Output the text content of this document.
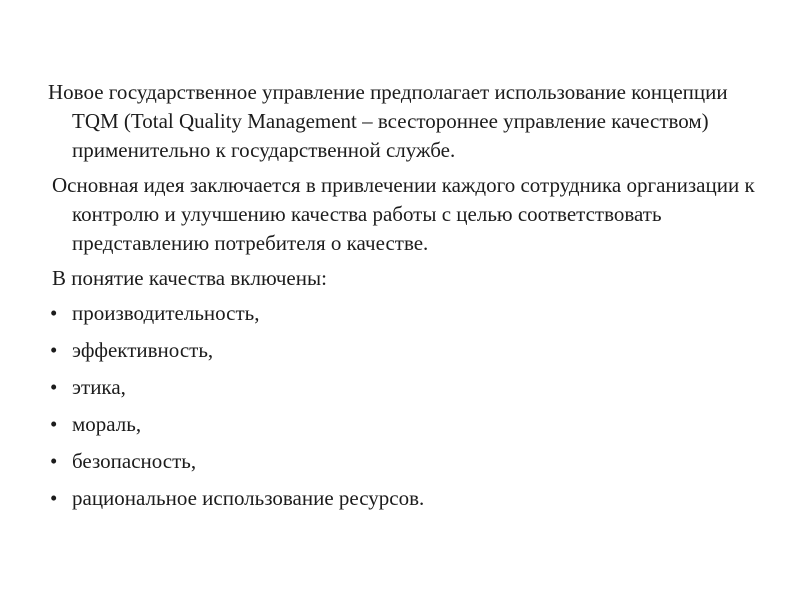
Новое государственное управление предполагает использование концепции TQM (Total Quality Management – всестороннее управление качеством) применительно к государственной службе.

Основная идея заключается в привлечении каждого сотрудника организации к контролю и улучшению качества работы с целью соответствовать представлению потребителя о качестве.

В понятие качества включены:

• производительность,
• эффективность,
• этика,
• мораль,
• безопасность,
• рациональное использование ресурсов.
